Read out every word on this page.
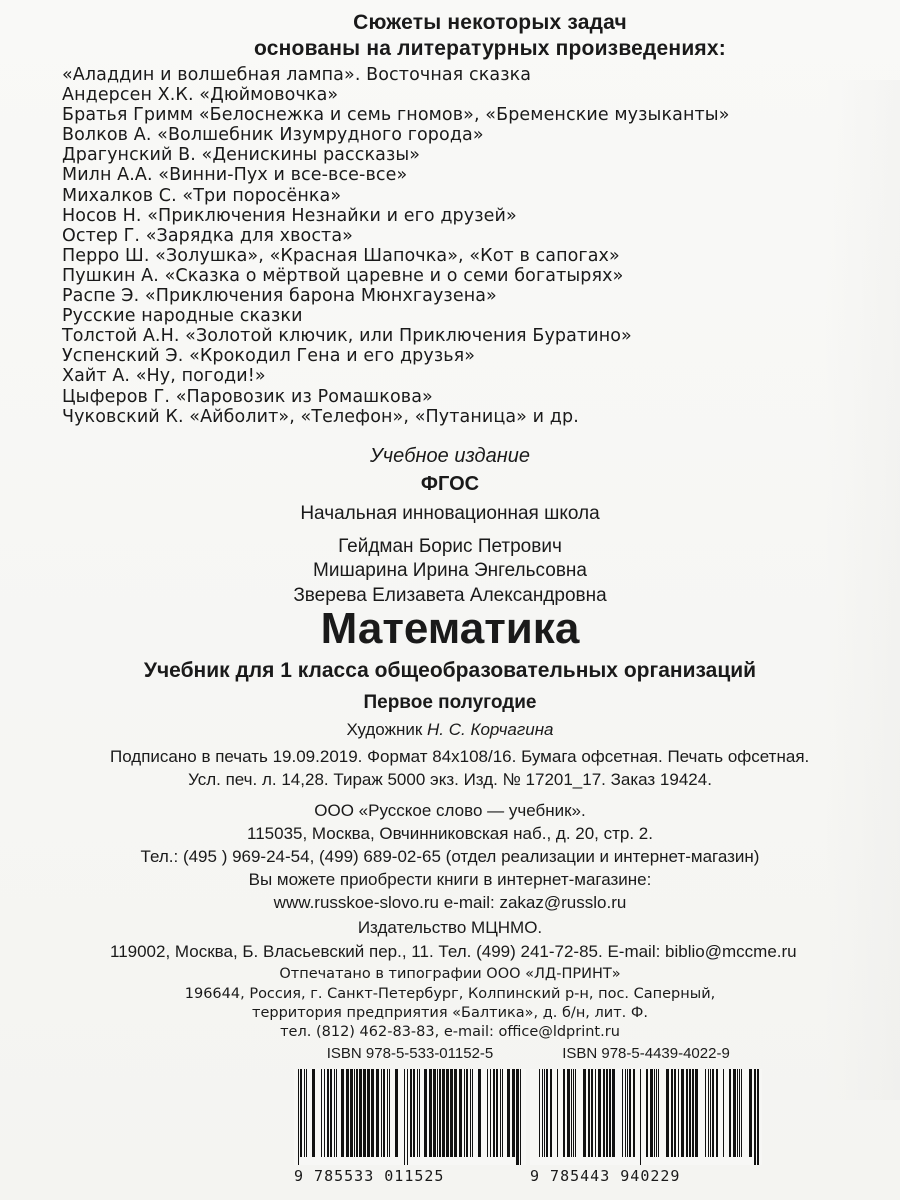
Сюжеты некоторых задач
основаны на литературных произведениях:
«Аладдин и волшебная лампа». Восточная сказка
Андерсен Х.К. «Дюймовочка»
Братья Гримм «Белоснежка и семь гномов», «Бременские музыканты»
Волков А. «Волшебник Изумрудного города»
Драгунский В. «Денискины рассказы»
Милн А.А. «Винни-Пух и все-все-все»
Михалков С. «Три поросёнка»
Носов Н. «Приключения Незнайки и его друзей»
Остер Г. «Зарядка для хвоста»
Перро Ш. «Золушка», «Красная Шапочка», «Кот в сапогах»
Пушкин А. «Сказка о мёртвой царевне и о семи богатырях»
Распе Э. «Приключения барона Мюнхгаузена»
Русские народные сказки
Толстой А.Н. «Золотой ключик, или Приключения Буратино»
Успенский Э. «Крокодил Гена и его друзья»
Хайт А. «Ну, погоди!»
Цыферов Г. «Паровозик из Ромашкова»
Чуковский К. «Айболит», «Телефон», «Путаница» и др.
Учебное издание
ФГОС
Начальная инновационная школа
Гейдман Борис Петрович
Мишарина Ирина Энгельсовна
Зверева Елизавета Александровна
Математика
Учебник для 1 класса общеобразовательных организаций
Первое полугодие
Художник Н. С. Корчагина
Подписано в печать 19.09.2019. Формат 84х108/16. Бумага офсетная. Печать офсетная.
Усл. печ. л. 14,28. Тираж 5000 экз. Изд. № 17201_17. Заказ 19424.
ООО «Русское слово — учебник».
115035, Москва, Овчинниковская наб., д. 20, стр. 2.
Тел.: (495 ) 969-24-54, (499) 689-02-65 (отдел реализации и интернет-магазин)
Вы можете приобрести книги в интернет-магазине:
www.russkoe-slovo.ru e-mail: zakaz@russlo.ru
Издательство МЦНМО.
119002, Москва, Б. Власьевский пер., 11. Тел. (499) 241-72-85. E-mail: biblio@mccme.ru
Отпечатано в типографии ООО «ЛД-ПРИНТ»
196644, Россия, г. Санкт-Петербург, Колпинский р-н, пос. Саперный,
территория предприятия «Балтика», д. б/н, лит. Ф.
тел. (812) 462-83-83, e-mail: office@ldprint.ru
ISBN 978-5-533-01152-5
9 785533 011525
ISBN 978-5-4439-4022-9
9 785443 940229
